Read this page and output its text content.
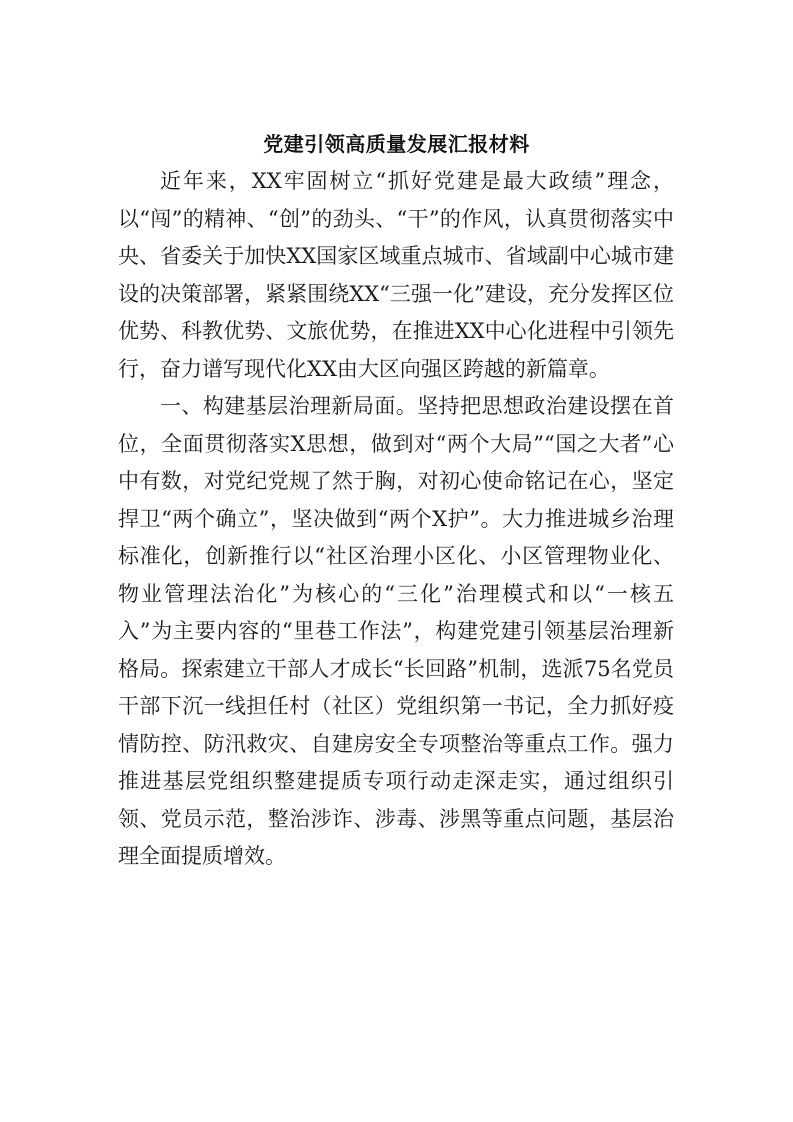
党建引领高质量发展汇报材料

近年来，XX牢固树立“抓好党建是最大政绩”理念，以“闯”的精神、“创”的劲头、“干”的作风，认真贯彻落实中央、省委关于加快XX国家区域重点城市、省域副中心城市建设的决策部署，紧紧围绕XX“三强一化”建设，充分发挥区位优势、科教优势、文旅优势，在推进XX中心化进程中引领先行，奋力谱写现代化XX由大区向强区跨越的新篇章。

一、构建基层治理新局面。坚持把思想政治建设摆在首位，全面贯彻落实X思想，做到对“两个大局”“国之大者”心中有数，对党纪党规了然于胸，对初心使命铭记在心，坚定捍卫“两个确立”，坚决做到“两个X护”。大力推进城乡治理标准化，创新推行以“社区治理小区化、小区管理物业化、物业管理法治化”为核心的“三化”治理模式和以“一核五入”为主要内容的“里巷工作法”，构建党建引领基层治理新格局。探索建立干部人才成长“长回路”机制，选派75名党员干部下沉一线担任村（社区）党组织第一书记，全力抓好疫情防控、防汛救灾、自建房安全专项整治等重点工作。强力推进基层党组织整建提质专项行动走深走实，通过组织引领、党员示范，整治涉诈、涉毒、涉黑等重点问题，基层治理全面提质增效。
